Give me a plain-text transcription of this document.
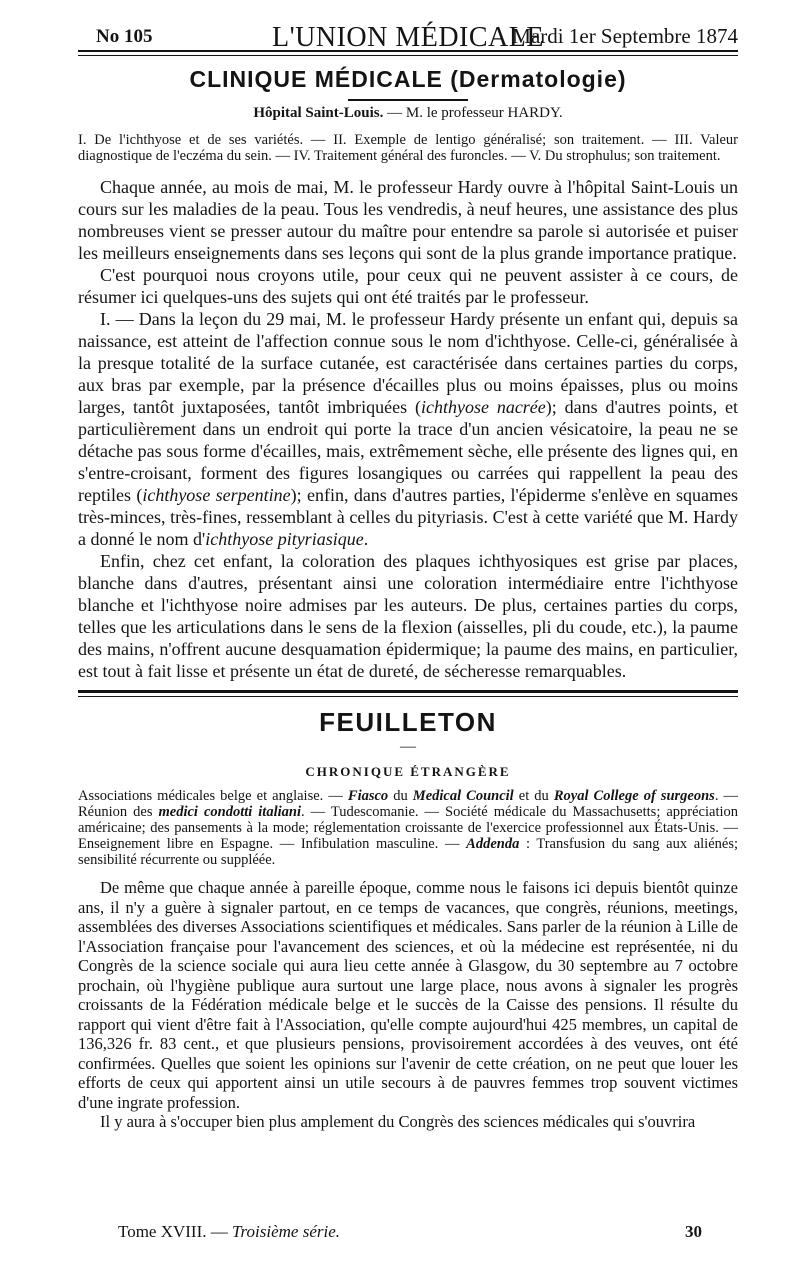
No 105	L'UNION MÉDICALE
Mardi 1er Septembre 1874
CLINIQUE MÉDICALE (Dermatologie)
Hôpital Saint-Louis. — M. le professeur HARDY.
I. De l'ichthyose et de ses variétés. — II. Exemple de lentigo généralisé; son traitement. — III. Valeur diagnostique de l'eczéma du sein. — IV. Traitement général des furoncles. — V. Du strophulus; son traitement.

Chaque année, au mois de mai, M. le professeur Hardy ouvre à l'hôpital Saint-Louis un cours sur les maladies de la peau. Tous les vendredis, à neuf heures, une assistance des plus nombreuses vient se presser autour du maître pour entendre sa parole si autorisée et puiser les meilleurs enseignements dans ses leçons qui sont de la plus grande importance pratique.

C'est pourquoi nous croyons utile, pour ceux qui ne peuvent assister à ce cours, de résumer ici quelques-uns des sujets qui ont été traités par le professeur.

I. — Dans la leçon du 29 mai, M. le professeur Hardy présente un enfant qui, depuis sa naissance, est atteint de l'affection connue sous le nom d'ichthyose. Celle-ci, généralisée à la presque totalité de la surface cutanée, est caractérisée dans certaines parties du corps, aux bras par exemple, par la présence d'écailles plus ou moins épaisses, plus ou moins larges, tantôt juxtaposées, tantôt imbriquées (ichthyose nacrée); dans d'autres points, et particulièrement dans un endroit qui porte la trace d'un ancien vésicatoire, la peau ne se détache pas sous forme d'écailles, mais, extrêmement sèche, elle présente des lignes qui, en s'entre-croisant, forment des figures losangiques ou carrées qui rappellent la peau des reptiles (ichthyose serpentine); enfin, dans d'autres parties, l'épiderme s'enlève en squames très-minces, très-fines, ressemblant à celles du pityriasis. C'est à cette variété que M. Hardy a donné le nom d'ichthyose pityriasique.

Enfin, chez cet enfant, la coloration des plaques ichthyosiques est grise par places, blanche dans d'autres, présentant ainsi une coloration intermédiaire entre l'ichthyose blanche et l'ichthyose noire admises par les auteurs. De plus, certaines parties du corps, telles que les articulations dans le sens de la flexion (aisselles, pli du coude, etc.), la paume des mains, n'offrent aucune desquamation épidermique; la paume des mains, en particulier, est tout à fait lisse et présente un état de dureté, de sécheresse remarquables.

FEUILLETON
—
CHRONIQUE ÉTRANGÈRE
Associations médicales belge et anglaise. — Fiasco du Medical Council et du Royal College of surgeons. — Réunion des medici condotti italiani. — Tudescomanie. — Société médicale du Massachusetts; appréciation américaine; des pansements à la mode; réglementation croissante de l'exercice professionnel aux États-Unis. — Enseignement libre en Espagne. — Infibulation masculine. — Addenda : Transfusion du sang aux aliénés; sensibilité récurrente ou suppléée.

De même que chaque année à pareille époque, comme nous le faisons ici depuis bientôt quinze ans, il n'y a guère à signaler partout, en ce temps de vacances, que congrès, réunions, meetings, assemblées des diverses Associations scientifiques et médicales. Sans parler de la réunion à Lille de l'Association française pour l'avancement des sciences, et où la médecine est représentée, ni du Congrès de la science sociale qui aura lieu cette année à Glasgow, du 30 septembre au 7 octobre prochain, où l'hygiène publique aura surtout une large place, nous avons à signaler les progrès croissants de la Fédération médicale belge et le succès de la Caisse des pensions. Il résulte du rapport qui vient d'être fait à l'Association, qu'elle compte aujourd'hui 425 membres, un capital de 136,326 fr. 83 cent., et que plusieurs pensions, provisoirement accordées à des veuves, ont été confirmées. Quelles que soient les opinions sur l'avenir de cette création, on ne peut que louer les efforts de ceux qui apportent ainsi un utile secours à de pauvres femmes trop souvent victimes d'une ingrate profession.

Il y aura à s'occuper bien plus amplement du Congrès des sciences médicales qui s'ouvrira

Tome XVIII. — Troisième série.	30
